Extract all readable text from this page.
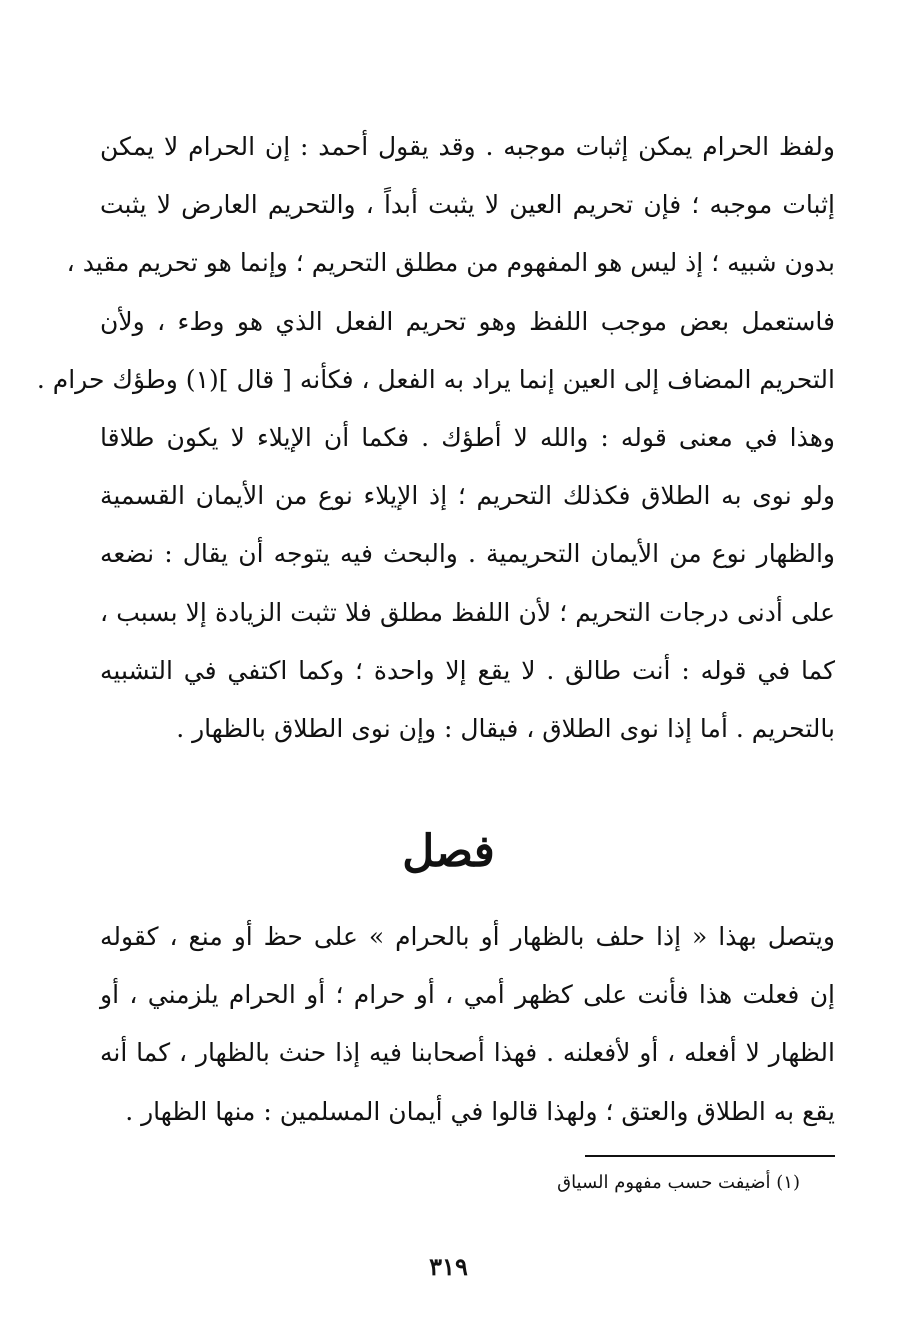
ولفظ الحرام يمكن إثبات موجبه . وقد يقول أحمد : إن الحرام لا يمكن
إثبات موجبه ؛ فإن تحريم العين لا يثبت أبداً ، والتحريم العارض لا يثبت
بدون شبيه ؛ إذ ليس هو المفهوم من مطلق التحريم ؛ وإنما هو تحريم مقيد ،
فاستعمل بعض موجب اللفظ وهو تحريم الفعل الذي هو وطء ، ولأن
التحريم المضاف إلى العين إنما يراد به الفعل ، فكأنه [ قال ](١) وطؤك حرام .
وهذا في معنى قوله : والله لا أطؤك . فكما أن الإيلاء لا يكون طلاقا
ولو نوى به الطلاق فكذلك التحريم ؛ إذ الإيلاء نوع من الأيمان القسمية
والظهار نوع من الأيمان التحريمية . والبحث فيه يتوجه أن يقال : نضعه
على أدنى درجات التحريم ؛ لأن اللفظ مطلق فلا تثبت الزيادة إلا بسبب ،
كما في قوله : أنت طالق . لا يقع إلا واحدة ؛ وكما اكتفي في التشبيه
بالتحريم . أما إذا نوى الطلاق ، فيقال : وإن نوى الطلاق بالظهار .
فصل
ويتصل بهذا « إذا حلف بالظهار أو بالحرام » على حظ أو منع ، كقوله
إن فعلت هذا فأنت على كظهر أمي ، أو حرام ؛ أو الحرام يلزمني ، أو
الظهار لا أفعله ، أو لأفعلنه . فهذا أصحابنا فيه إذا حنث بالظهار ، كما أنه
يقع به الطلاق والعتق ؛ ولهذا قالوا في أيمان المسلمين : منها الظهار .
(١) أضيفت حسب مفهوم السياق
٣١٩
